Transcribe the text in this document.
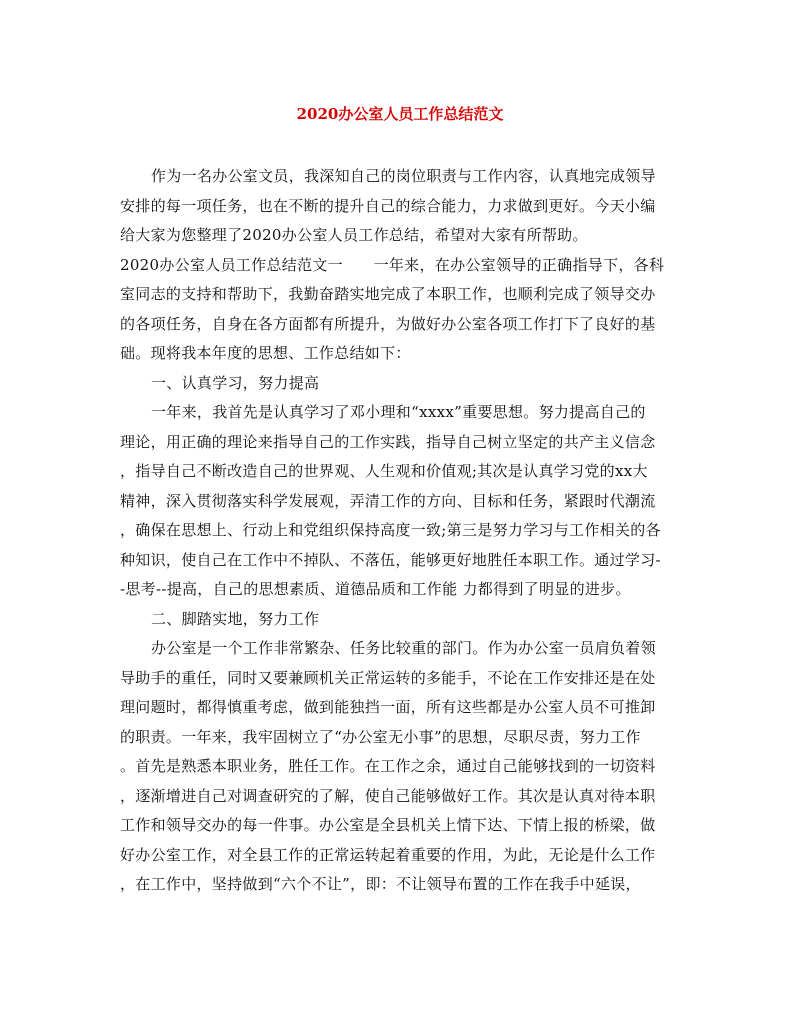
2020办公室人员工作总结范文
作为一名办公室文员，我深知自己的岗位职责与工作内容，认真地完成领导
安排的每一项任务，也在不断的提升自己的综合能力，力求做到更好。今天小编
给大家为您整理了2020办公室人员工作总结，希望对大家有所帮助。
2020办公室人员工作总结范文一　　一年来，在办公室领导的正确指导下，各科
室同志的支持和帮助下，我勤奋踏实地完成了本职工作，也顺利完成了领导交办
的各项任务，自身在各方面都有所提升，为做好办公室各项工作打下了良好的基
础。现将我本年度的思想、工作总结如下：
一、认真学习，努力提高
一年来，我首先是认真学习了邓小理和“xxxx”重要思想。努力提高自己的
理论，用正确的理论来指导自己的工作实践，指导自己树立坚定的共产主义信念
，指导自己不断改造自己的世界观、人生观和价值观;其次是认真学习党的xx大
精神，深入贯彻落实科学发展观，弄清工作的方向、目标和任务，紧跟时代潮流
，确保在思想上、行动上和党组织保持高度一致;第三是努力学习与工作相关的各
种知识，使自己在工作中不掉队、不落伍，能够更好地胜任本职工作。通过学习-
-思考--提高，自己的思想素质、道德品质和工作能 力都得到了明显的进步。
二、脚踏实地，努力工作
办公室是一个工作非常繁杂、任务比较重的部门。作为办公室一员肩负着领
导助手的重任，同时又要兼顾机关正常运转的多能手，不论在工作安排还是在处
理问题时，都得慎重考虑，做到能独挡一面，所有这些都是办公室人员不可推卸
的职责。一年来，我牢固树立了“办公室无小事”的思想，尽职尽责，努力工作
。首先是熟悉本职业务，胜任工作。在工作之余，通过自己能够找到的一切资料
，逐渐增进自己对调查研究的了解，使自己能够做好工作。其次是认真对待本职
工作和领导交办的每一件事。办公室是全县机关上情下达、下情上报的桥梁，做
好办公室工作，对全县工作的正常运转起着重要的作用，为此，无论是什么工作
，在工作中，坚持做到“六个不让”，即：不让领导布置的工作在我手中延误，
